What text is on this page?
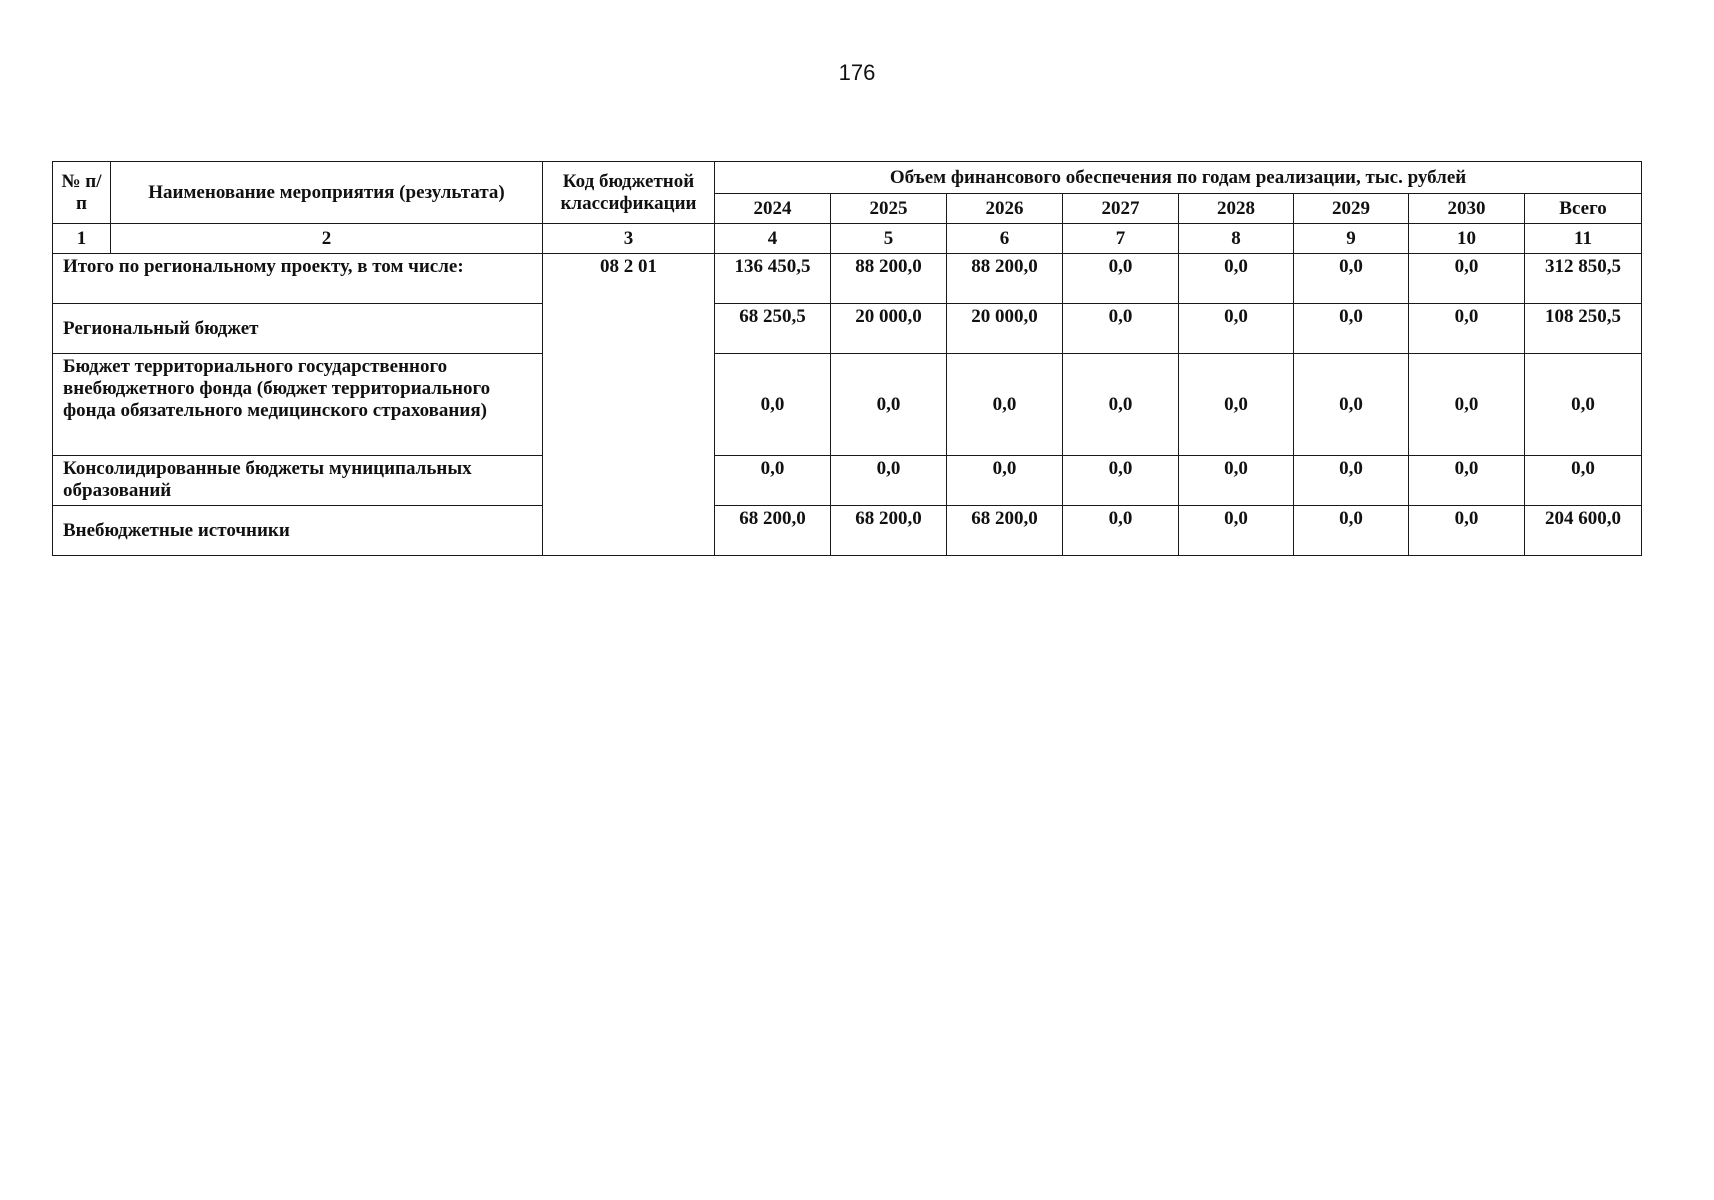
176
№ п/п	Наименование мероприятия (результата)	Код бюджетной классификации	Объем финансового обеспечения по годам реализации, тыс. рублей							
			2024	2025	2026	2027	2028	2029	2030	Всего
1	2	3	4	5	6	7	8	9	10	11
Итого по региональному проекту, в том числе:		08 2 01	136 450,5	88 200,0	88 200,0	0,0	0,0	0,0	0,0	312 850,5
Региональный бюджет			68 250,5	20 000,0	20 000,0	0,0	0,0	0,0	0,0	108 250,5
Бюджет территориального государственного внебюджетного фонда (бюджет территориального фонда обязательного медицинского страхования)			0,0	0,0	0,0	0,0	0,0	0,0	0,0	0,0
Консолидированные бюджеты муниципальных образований			0,0	0,0	0,0	0,0	0,0	0,0	0,0	0,0
Внебюджетные источники			68 200,0	68 200,0	68 200,0	0,0	0,0	0,0	0,0	204 600,0
